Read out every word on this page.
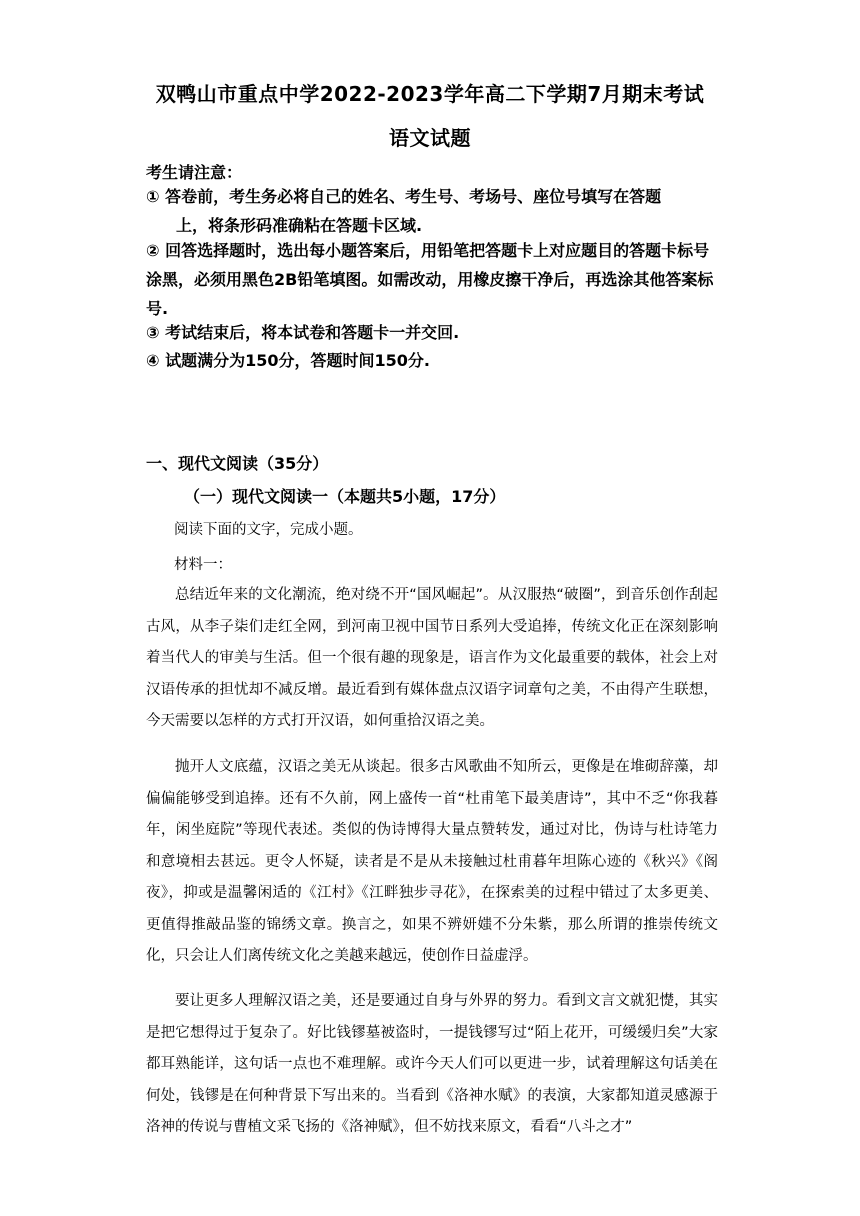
双鸭山市重点中学2022-2023学年高二下学期7月期末考试
语文试题
考生请注意：
① 答卷前，考生务必将自己的姓名、考生号、考场号、座位号填写在答题
上，将条形码准确粘在答题卡区域.
② 回答选择题时，选出每小题答案后，用铅笔把答题卡上对应题目的答题卡标号涂黑，必须用黑色2B铅笔填图。如需改动，用橡皮擦干净后，再选涂其他答案标号.
③ 考试结束后，将本试卷和答题卡一并交回.
④ 试题满分为150分，答题时间150分.
一、现代文阅读（35分）
（一）现代文阅读一（本题共5小题，17分）
阅读下面的文字，完成小题。
材料一：
总结近年来的文化潮流，绝对绕不开“国风崛起”。从汉服热“破圈”，到音乐创作刮起古风，从李子柒们走红全网，到河南卫视中国节日系列大受追捧，传统文化正在深刻影响着当代人的审美与生活。但一个很有趣的现象是，语言作为文化最重要的载体，社会上对汉语传承的担忧却不减反增。最近看到有媒体盘点汉语字词章句之美，不由得产生联想，今天需要以怎样的方式打开汉语，如何重拾汉语之美。
抛开人文底蕴，汉语之美无从谈起。很多古风歌曲不知所云，更像是在堆砌辞藻，却偏偏能够受到追捧。还有不久前，网上盛传一首“杜甫笔下最美唐诗”，其中不乏“你我暮年，闲坐庭院”等现代表述。类似的伪诗博得大量点赞转发，通过对比，伪诗与杜诗笔力和意境相去甚远。更令人怀疑，读者是不是从未接触过杜甫暮年坦陈心迹的《秋兴》《阁夜》，抑或是温馨闲适的《江村》《江畔独步寻花》，在探索美的过程中错过了太多更美、更值得推敲品鉴的锦绣文章。换言之，如果不辨妍媸不分朱紫，那么所谓的推崇传统文化，只会让人们离传统文化之美越来越远，使创作日益虚浮。
要让更多人理解汉语之美，还是要通过自身与外界的努力。看到文言文就犯憷，其实是把它想得过于复杂了。好比钱镠墓被盗时，一提钱镠写过“陌上花开，可缓缓归矣”大家都耳熟能详，这句话一点也不难理解。或许今天人们可以更进一步，试着理解这句话美在何处，钱镠是在何种背景下写出来的。当看到《洛神水赋》的表演，大家都知道灵感源于洛神的传说与曹植文采飞扬的《洛神赋》，但不妨找来原文，看看“八斗之才”
